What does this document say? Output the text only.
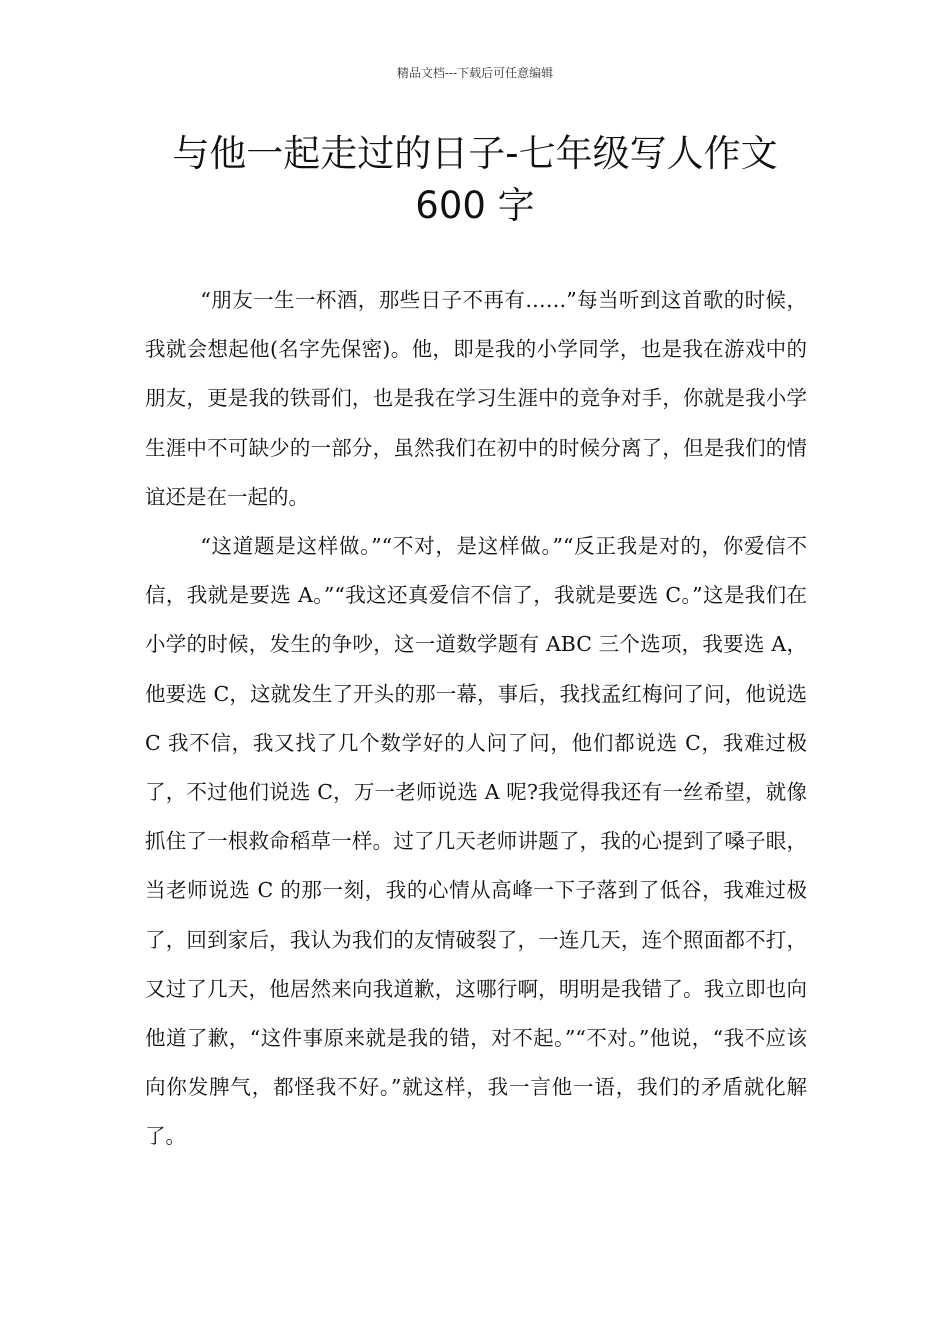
精品文档---下载后可任意编辑
与他一起走过的日子-七年级写人作文
600 字

“朋友一生一杯酒，那些日子不再有……”每当听到这首歌的时候，我就会想起他(名字先保密)。他，即是我的小学同学，也是我在游戏中的朋友，更是我的铁哥们，也是我在学习生涯中的竞争对手，你就是我小学生涯中不可缺少的一部分，虽然我们在初中的时候分离了，但是我们的情谊还是在一起的。

“这道题是这样做。”“不对，是这样做。”“反正我是对的，你爱信不信，我就是要选 A。”“我这还真爱信不信了，我就是要选 C。”这是我们在小学的时候，发生的争吵，这一道数学题有 ABC 三个选项，我要选 A，他要选 C，这就发生了开头的那一幕，事后，我找孟红梅问了问，他说选 C 我不信，我又找了几个数学好的人问了问，他们都说选 C，我难过极了，不过他们说选 C，万一老师说选 A 呢?我觉得我还有一丝希望，就像抓住了一根救命稻草一样。过了几天老师讲题了，我的心提到了嗓子眼，当老师说选 C 的那一刻，我的心情从高峰一下子落到了低谷，我难过极了，回到家后，我认为我们的友情破裂了，一连几天，连个照面都不打，又过了几天，他居然来向我道歉，这哪行啊，明明是我错了。我立即也向他道了歉，“这件事原来就是我的错，对不起。”“不对。”他说，“我不应该向你发脾气，都怪我不好。”就这样，我一言他一语，我们的矛盾就化解了。
